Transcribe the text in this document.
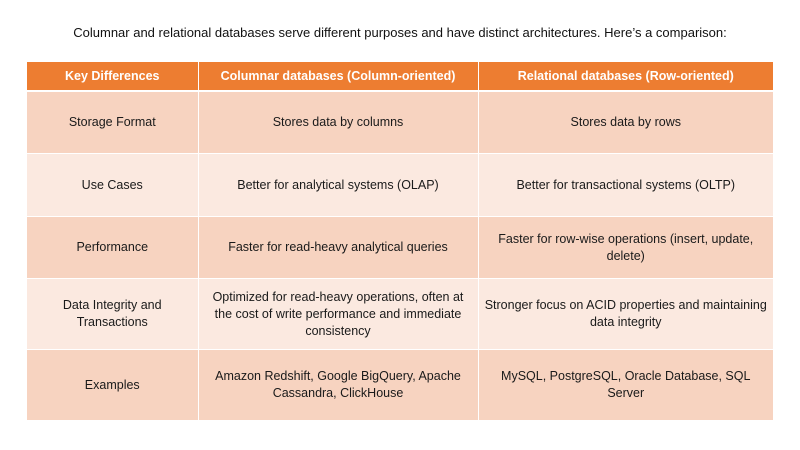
Columnar and relational databases serve different purposes and have distinct architectures. Here’s a comparison:
Key Differences	Columnar databases (Column-oriented)	Relational databases (Row-oriented)
Storage Format	Stores data by columns	Stores data by rows
Use Cases	Better for analytical systems (OLAP)	Better for transactional systems (OLTP)
Performance	Faster for read-heavy analytical queries	Faster for row-wise operations (insert, update, delete)
Data Integrity and Transactions	Optimized for read-heavy operations, often at the cost of write performance and immediate consistency	Stronger focus on ACID properties and maintaining data integrity
Examples	Amazon Redshift, Google BigQuery, Apache Cassandra, ClickHouse	MySQL, PostgreSQL, Oracle Database, SQL Server
